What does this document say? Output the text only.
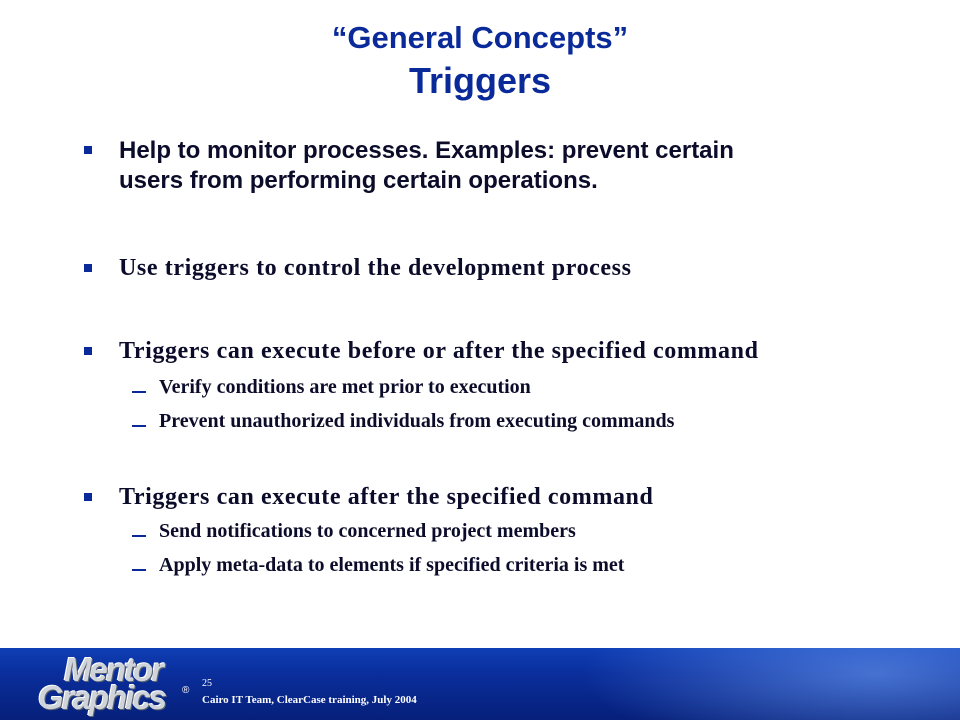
“General Concepts”
Triggers
Help to monitor processes. Examples: prevent certain
users from performing certain operations.
Use triggers to control the development process
Triggers can execute before or after the specified command
Verify conditions are met prior to execution
Prevent unauthorized individuals from executing commands
Triggers can execute after the specified command
Send notifications to concerned project members
Apply meta-data to elements if specified criteria is met
Mentor
Graphics ®
25
Cairo IT Team, ClearCase training, July 2004
